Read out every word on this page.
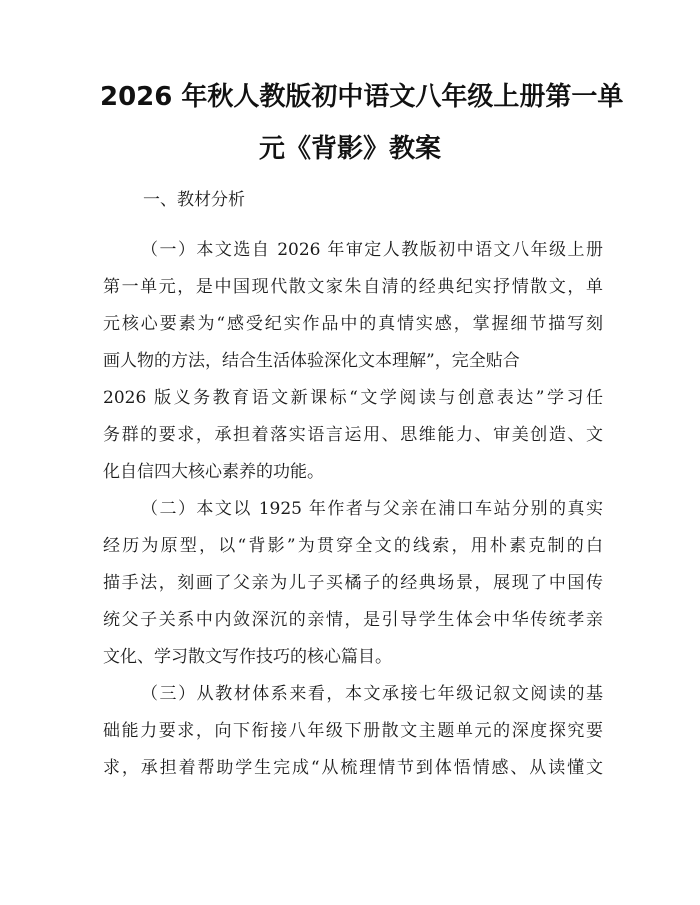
2026 年秋人教版初中语文八年级上册第一单
元《背影》教案
一、教材分析
（一）本文选自 2026 年审定人教版初中语文八年级上册
第一单元，是中国现代散文家朱自清的经典纪实抒情散文，单
元核心要素为“感受纪实作品中的真情实感，掌握细节描写刻
画人物的方法，结合生活体验深化文本理解”，完全贴合
2026 版义务教育语文新课标“文学阅读与创意表达”学习任
务群的要求，承担着落实语言运用、思维能力、审美创造、文
化自信四大核心素养的功能。
（二）本文以 1925 年作者与父亲在浦口车站分别的真实
经历为原型，以“背影”为贯穿全文的线索，用朴素克制的白
描手法，刻画了父亲为儿子买橘子的经典场景，展现了中国传
统父子关系中内敛深沉的亲情，是引导学生体会中华传统孝亲
文化、学习散文写作技巧的核心篇目。
（三）从教材体系来看，本文承接七年级记叙文阅读的基
础能力要求，向下衔接八年级下册散文主题单元的深度探究要
求，承担着帮助学生完成“从梳理情节到体悟情感、从读懂文
